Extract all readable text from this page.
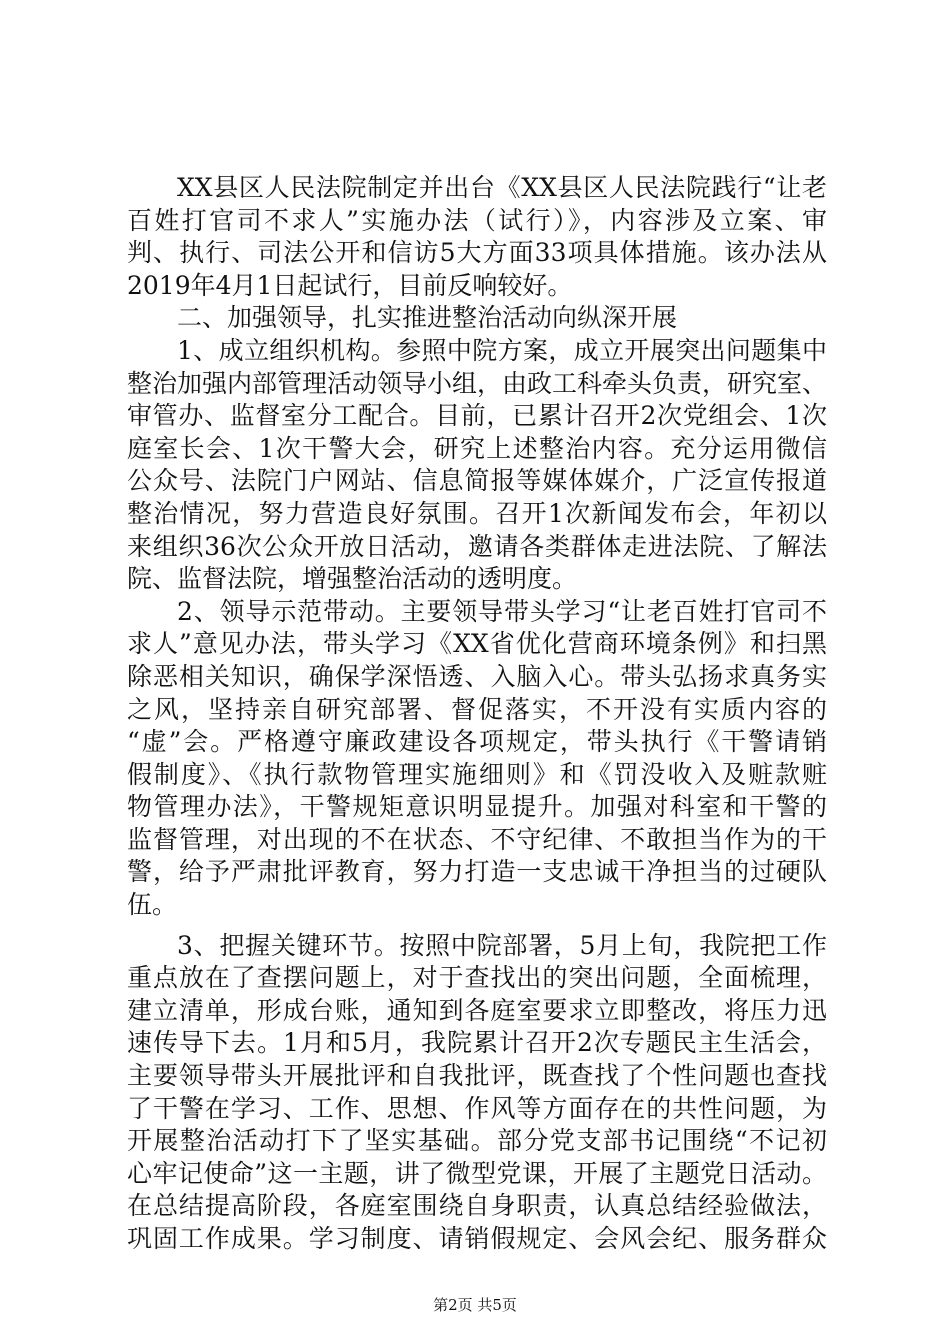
XX县区人民法院制定并出台《XX县区人民法院践行“让老
百姓打官司不求人”实施办法（试行）》，内容涉及立案、审
判、执行、司法公开和信访5大方面33项具体措施。该办法从
2019年4月1日起试行，目前反响较好。
二、加强领导，扎实推进整治活动向纵深开展
1、成立组织机构。参照中院方案，成立开展突出问题集中
整治加强内部管理活动领导小组，由政工科牵头负责，研究室、
审管办、监督室分工配合。目前，已累计召开2次党组会、1次
庭室长会、1次干警大会，研究上述整治内容。充分运用微信
公众号、法院门户网站、信息简报等媒体媒介，广泛宣传报道
整治情况，努力营造良好氛围。召开1次新闻发布会，年初以
来组织36次公众开放日活动，邀请各类群体走进法院、了解法
院、监督法院，增强整治活动的透明度。
2、领导示范带动。主要领导带头学习“让老百姓打官司不
求人”意见办法，带头学习《XX省优化营商环境条例》和扫黑
除恶相关知识，确保学深悟透、入脑入心。带头弘扬求真务实
之风，坚持亲自研究部署、督促落实，不开没有实质内容的
“虚”会。严格遵守廉政建设各项规定，带头执行《干警请销
假制度》、《执行款物管理实施细则》和《罚没收入及赃款赃
物管理办法》，干警规矩意识明显提升。加强对科室和干警的
监督管理，对出现的不在状态、不守纪律、不敢担当作为的干
警，给予严肃批评教育，努力打造一支忠诚干净担当的过硬队
伍。
3、把握关键环节。按照中院部署，5月上旬，我院把工作
重点放在了查摆问题上，对于查找出的突出问题，全面梳理，
建立清单，形成台账，通知到各庭室要求立即整改，将压力迅
速传导下去。1月和5月，我院累计召开2次专题民主生活会，
主要领导带头开展批评和自我批评，既查找了个性问题也查找
了干警在学习、工作、思想、作风等方面存在的共性问题，为
开展整治活动打下了坚实基础。部分党支部书记围绕“不记初
心牢记使命”这一主题，讲了微型党课，开展了主题党日活动。
在总结提高阶段，各庭室围绕自身职责，认真总结经验做法，
巩固工作成果。学习制度、请销假规定、会风会纪、服务群众
第2页 共5页
